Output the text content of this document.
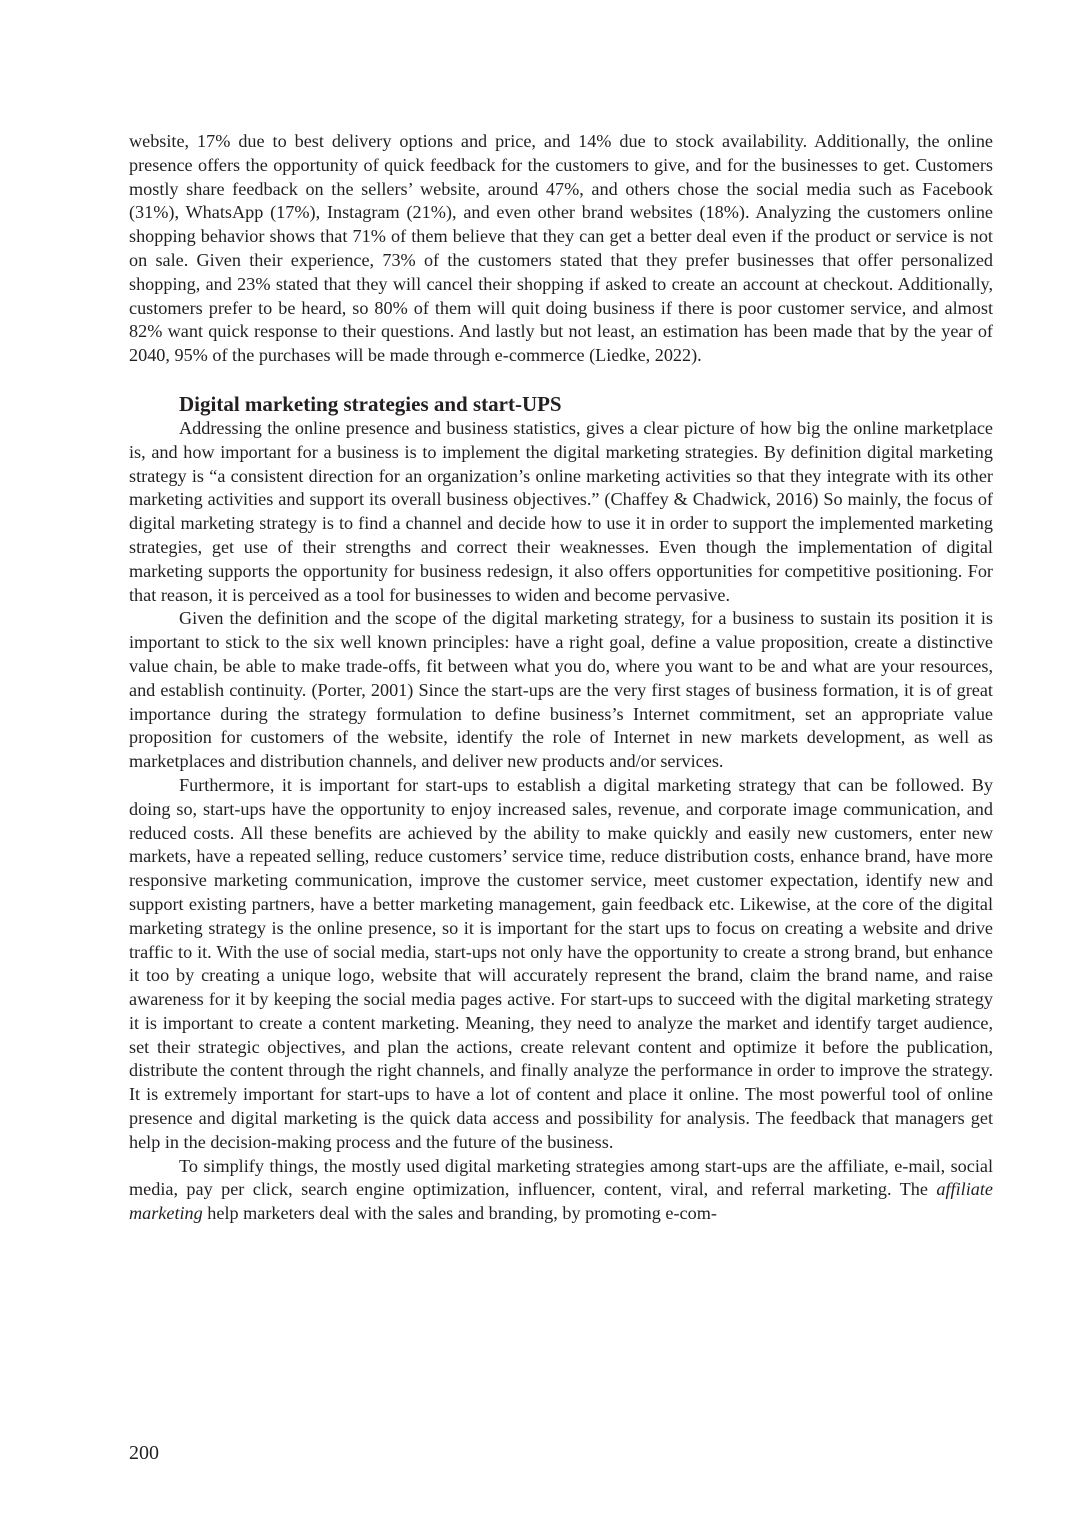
website, 17% due to best delivery options and price, and 14% due to stock availability. Additionally, the online presence offers the opportunity of quick feedback for the customers to give, and for the businesses to get. Customers mostly share feedback on the sellers’ website, around 47%, and others chose the social media such as Facebook (31%), WhatsApp (17%), Instagram (21%), and even other brand websites (18%). Analyzing the customers online shopping behavior shows that 71% of them believe that they can get a better deal even if the product or service is not on sale. Given their experience, 73% of the customers stated that they prefer businesses that offer personalized shopping, and 23% stated that they will cancel their shopping if asked to create an account at checkout. Additionally, customers prefer to be heard, so 80% of them will quit doing business if there is poor customer service, and almost 82% want quick response to their questions. And lastly but not least, an estimation has been made that by the year of 2040, 95% of the purchases will be made through e-commerce (Liedke, 2022).

Digital marketing strategies and start-UPS

Addressing the online presence and business statistics, gives a clear picture of how big the online marketplace is, and how important for a business is to implement the digital marketing strategies. By definition digital marketing strategy is “a consistent direction for an organization’s online marketing activities so that they integrate with its other marketing activities and support its overall business objectives.” (Chaffey & Chadwick, 2016) So mainly, the focus of digital marketing strategy is to find a channel and decide how to use it in order to support the implemented marketing strategies, get use of their strengths and correct their weaknesses. Even though the implementation of digital marketing supports the opportunity for business redesign, it also offers opportunities for competitive positioning. For that reason, it is perceived as a tool for businesses to widen and become pervasive.

Given the definition and the scope of the digital marketing strategy, for a business to sustain its position it is important to stick to the six well known principles: have a right goal, define a value proposition, create a distinctive value chain, be able to make trade-offs, fit between what you do, where you want to be and what are your resources, and establish continuity. (Porter, 2001) Since the start-ups are the very first stages of business formation, it is of great importance during the strategy formulation to define business’s Internet commitment, set an appropriate value proposition for customers of the website, identify the role of Internet in new markets development, as well as marketplaces and distribution channels, and deliver new products and/or services.

Furthermore, it is important for start-ups to establish a digital marketing strategy that can be followed. By doing so, start-ups have the opportunity to enjoy increased sales, revenue, and corporate image communication, and reduced costs. All these benefits are achieved by the ability to make quickly and easily new customers, enter new markets, have a repeated selling, reduce customers’ service time, reduce distribution costs, enhance brand, have more responsive marketing communication, improve the customer service, meet customer expectation, identify new and support existing partners, have a better marketing management, gain feedback etc. Likewise, at the core of the digital marketing strategy is the online presence, so it is important for the start ups to focus on creating a website and drive traffic to it. With the use of social media, start-ups not only have the opportunity to create a strong brand, but enhance it too by creating a unique logo, website that will accurately represent the brand, claim the brand name, and raise awareness for it by keeping the social media pages active. For start-ups to succeed with the digital marketing strategy it is important to create a content marketing. Meaning, they need to analyze the market and identify target audience, set their strategic objectives, and plan the actions, create relevant content and optimize it before the publication, distribute the content through the right channels, and finally analyze the performance in order to improve the strategy. It is extremely important for start-ups to have a lot of content and place it online. The most powerful tool of online presence and digital marketing is the quick data access and possibility for analysis. The feedback that managers get help in the decision-making process and the future of the business.

To simplify things, the mostly used digital marketing strategies among start-ups are the affiliate, e-mail, social media, pay per click, search engine optimization, influencer, content, viral, and referral marketing. The affiliate marketing help marketers deal with the sales and branding, by promoting e-com-

200
